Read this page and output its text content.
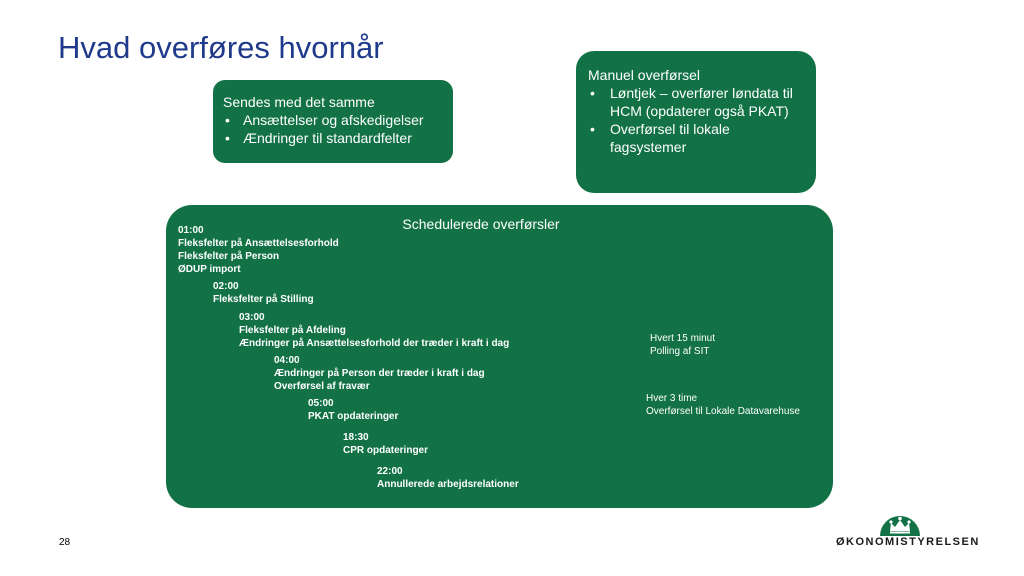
Hvad overføres hvornår
Sendes med det samme
• Ansættelser og afskedigelser
• Ændringer til standardfelter
Manuel overførsel
• Løntjek – overfører løndata til HCM (opdaterer også PKAT)
• Overførsel til lokale fagsystemer
Schedulerede overførsler
01:00
Fleksfelter på Ansættelsesforhold
Fleksfelter på Person
ØDUP import
02:00
Fleksfelter på Stilling
03:00
Fleksfelter på Afdeling
Ændringer på Ansættelsesforhold der træder i kraft i dag
04:00
Ændringer på Person der træder i kraft i dag
Overførsel af fravær
05:00
PKAT opdateringer
18:30
CPR opdateringer
22:00
Annullerede arbejdsrelationer
Hvert 15 minut
Polling af SIT
Hver 3 time
Overførsel til Lokale Datavarehuse
28	ØKONOMISTYRELSEN
